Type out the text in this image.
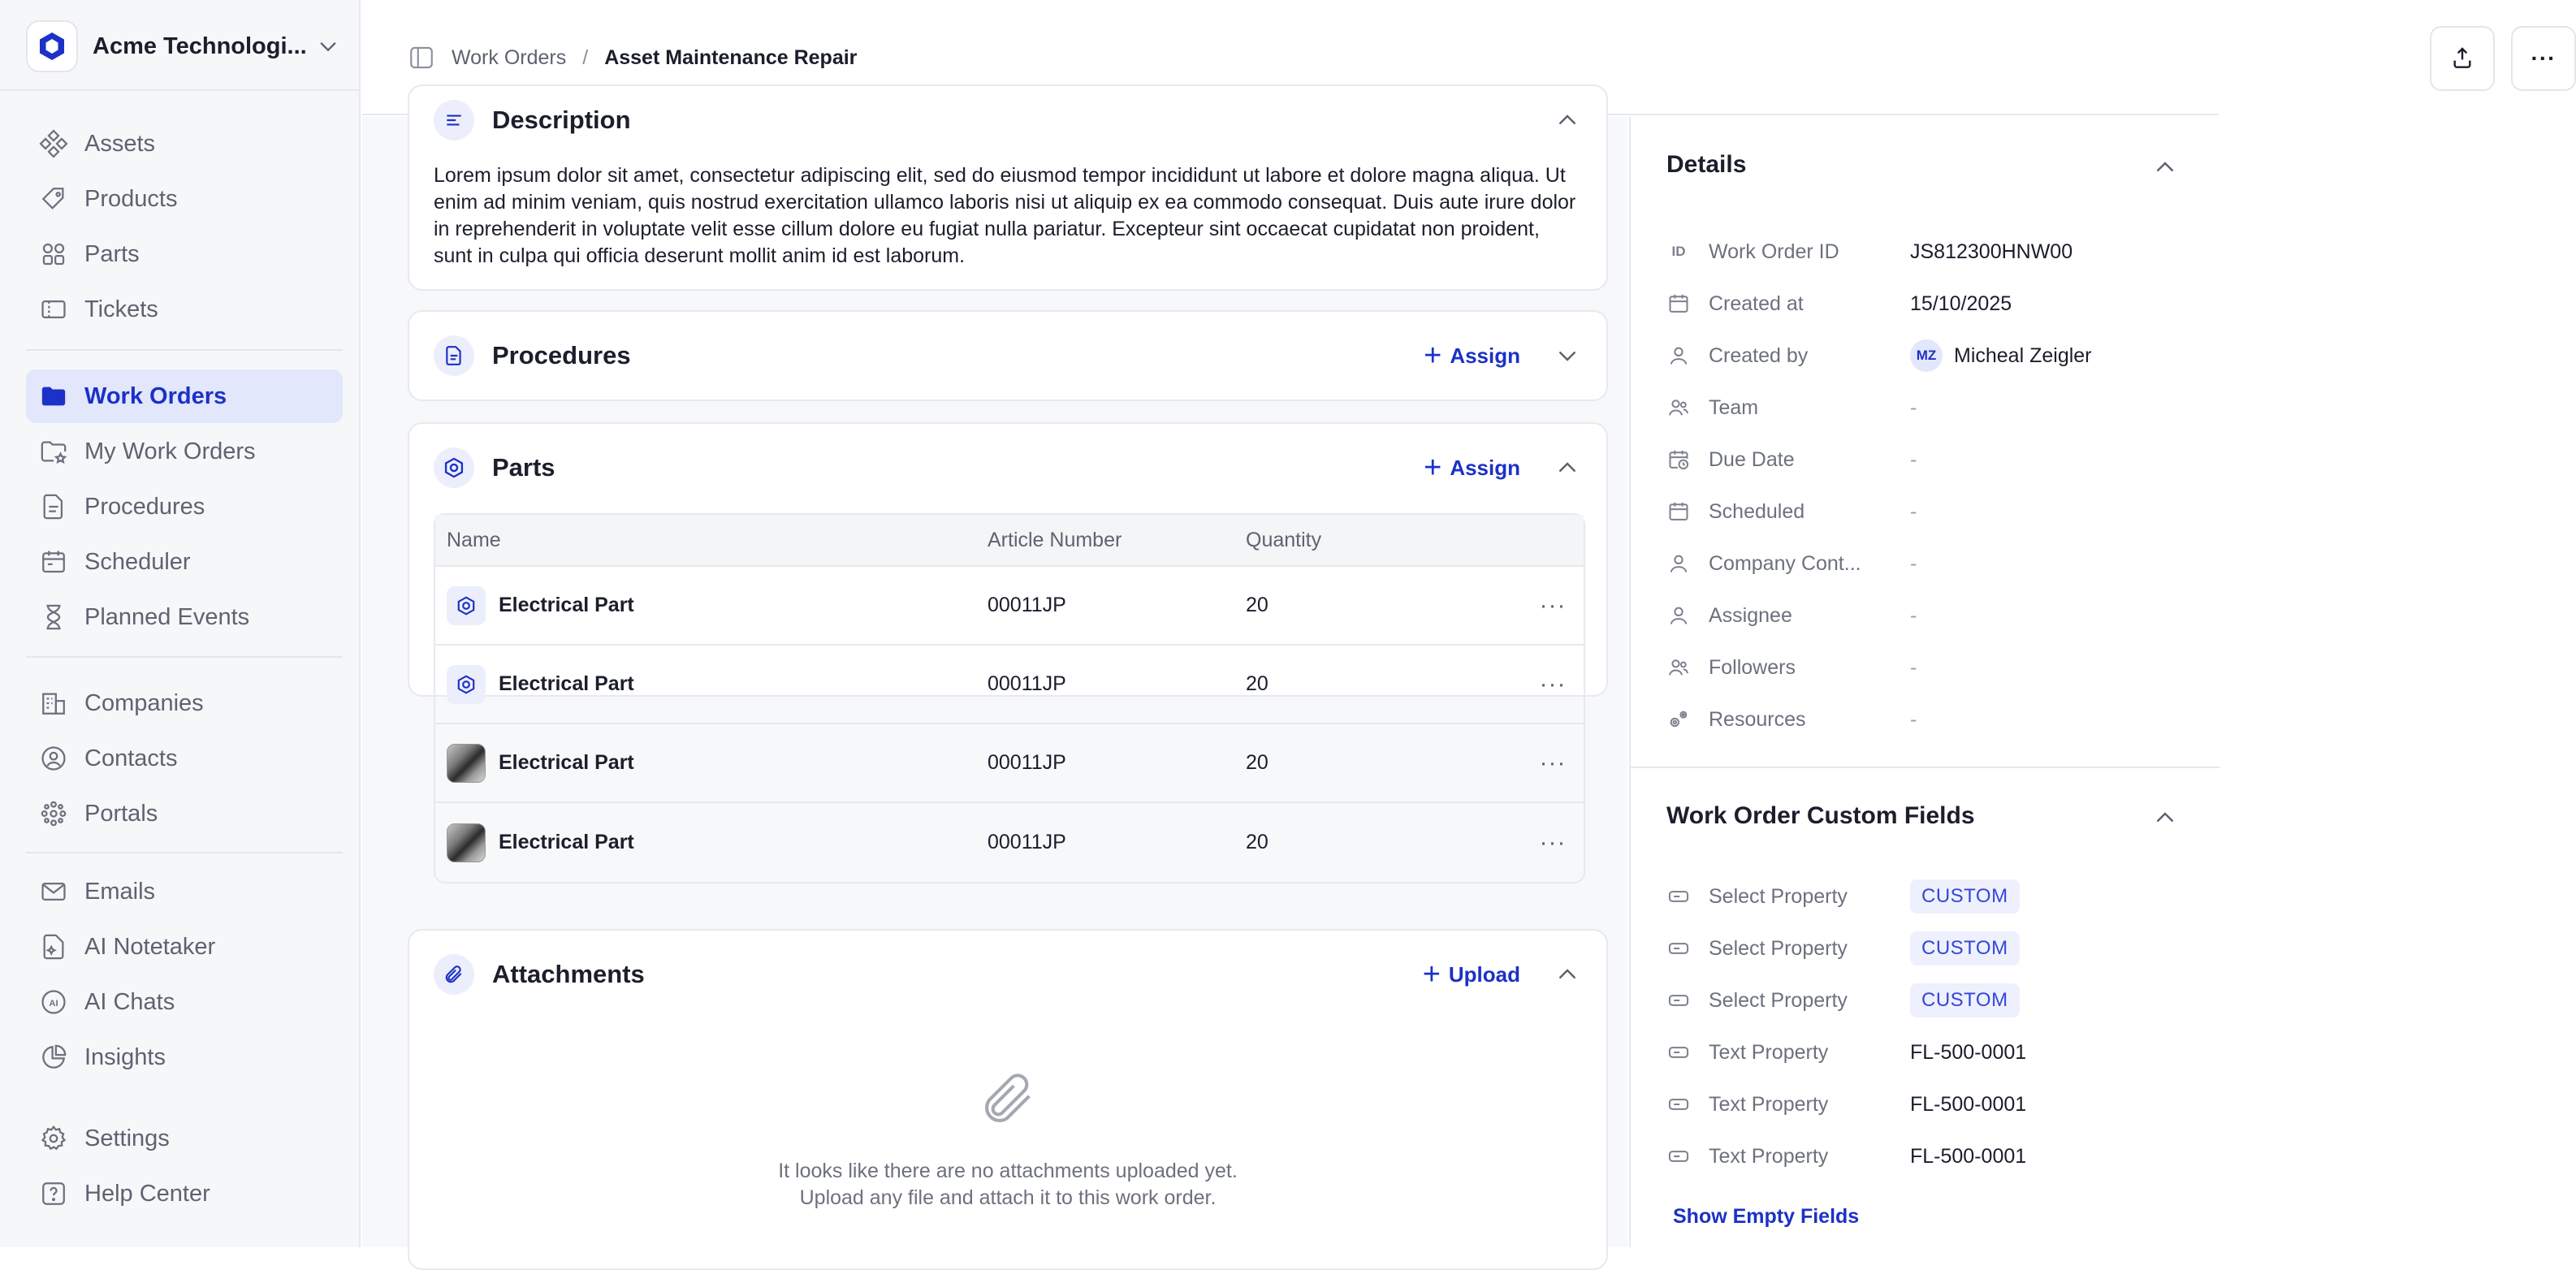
Acme Technologi...
Assets
Products
Parts
Tickets
Work Orders
My Work Orders
Procedures
Scheduler
Planned Events
Companies
Contacts
Portals
Emails
AI Notetaker
AI AI Chats
Insights
Settings
Help Center
Work Orders / Asset Maintenance Repair	···
Description
Lorem ipsum dolor sit amet, consectetur adipiscing elit, sed do eiusmod tempor incididunt ut labore et dolore magna aliqua. Ut enim ad minim veniam, quis nostrud exercitation ullamco laboris nisi ut aliquip ex ea commodo consequat. Duis aute irure dolor in reprehenderit in voluptate velit esse cillum dolore eu fugiat nulla pariatur. Excepteur sint occaecat cupidatat non proident, sunt in culpa qui officia deserunt mollit anim id est laborum.
Procedures	+ Assign
Parts	+ Assign
Name	Article Number	Quantity
Electrical Part	00011JP	20	···
Electrical Part	00011JP	20	···
Electrical Part	00011JP	20	···
Electrical Part	00011JP	20	···
Attachments	+ Upload
It looks like there are no attachments uploaded yet.
Upload any file and attach it to this work order.
Details
ID Work Order ID	JS812300HNW00
Created at	15/10/2025
Created by	MZ Micheal Zeigler
Team	-
Due Date	-
Scheduled	-
Company Cont...	-
Assignee	-
Followers	-
Resources	-
Work Order Custom Fields
Select Property	CUSTOM
Select Property	CUSTOM
Select Property	CUSTOM
Text Property	FL-500-0001
Text Property	FL-500-0001
Text Property	FL-500-0001
Show Empty Fields
